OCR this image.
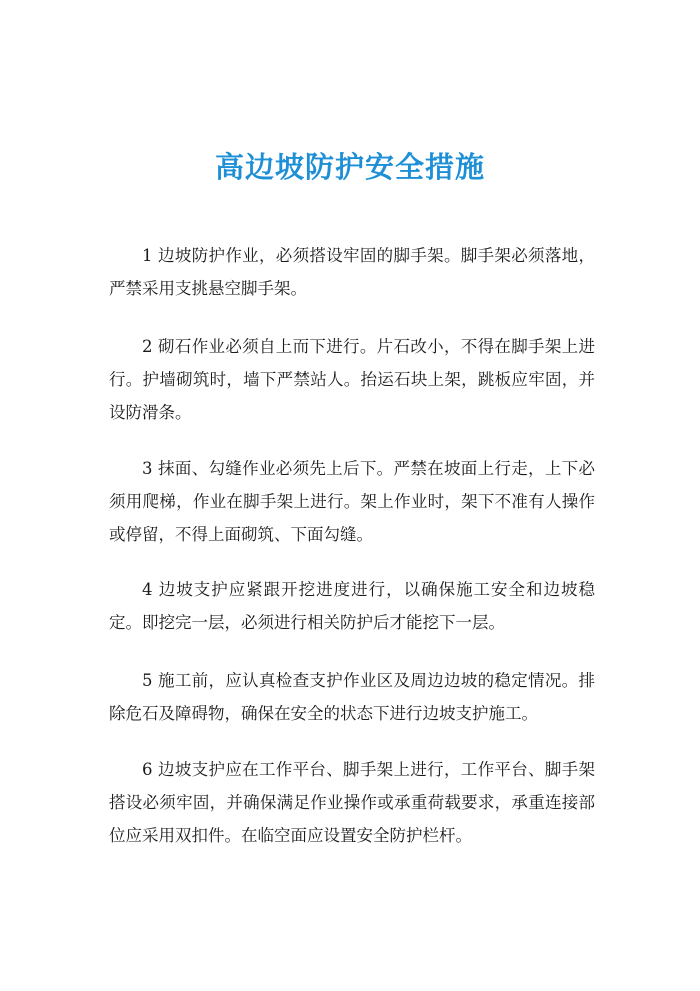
高边坡防护安全措施

1 边坡防护作业，必须搭设牢固的脚手架。脚手架必须落地，严禁采用支挑悬空脚手架。

2 砌石作业必须自上而下进行。片石改小，不得在脚手架上进行。护墙砌筑时，墙下严禁站人。抬运石块上架，跳板应牢固，并设防滑条。

3 抹面、勾缝作业必须先上后下。严禁在坡面上行走，上下必须用爬梯，作业在脚手架上进行。架上作业时，架下不准有人操作或停留，不得上面砌筑、下面勾缝。

4 边坡支护应紧跟开挖进度进行，以确保施工安全和边坡稳定。即挖完一层，必须进行相关防护后才能挖下一层。

5 施工前，应认真检查支护作业区及周边边坡的稳定情况。排除危石及障碍物，确保在安全的状态下进行边坡支护施工。

6 边坡支护应在工作平台、脚手架上进行，工作平台、脚手架搭设必须牢固，并确保满足作业操作或承重荷载要求，承重连接部位应采用双扣件。在临空面应设置安全防护栏杆。
